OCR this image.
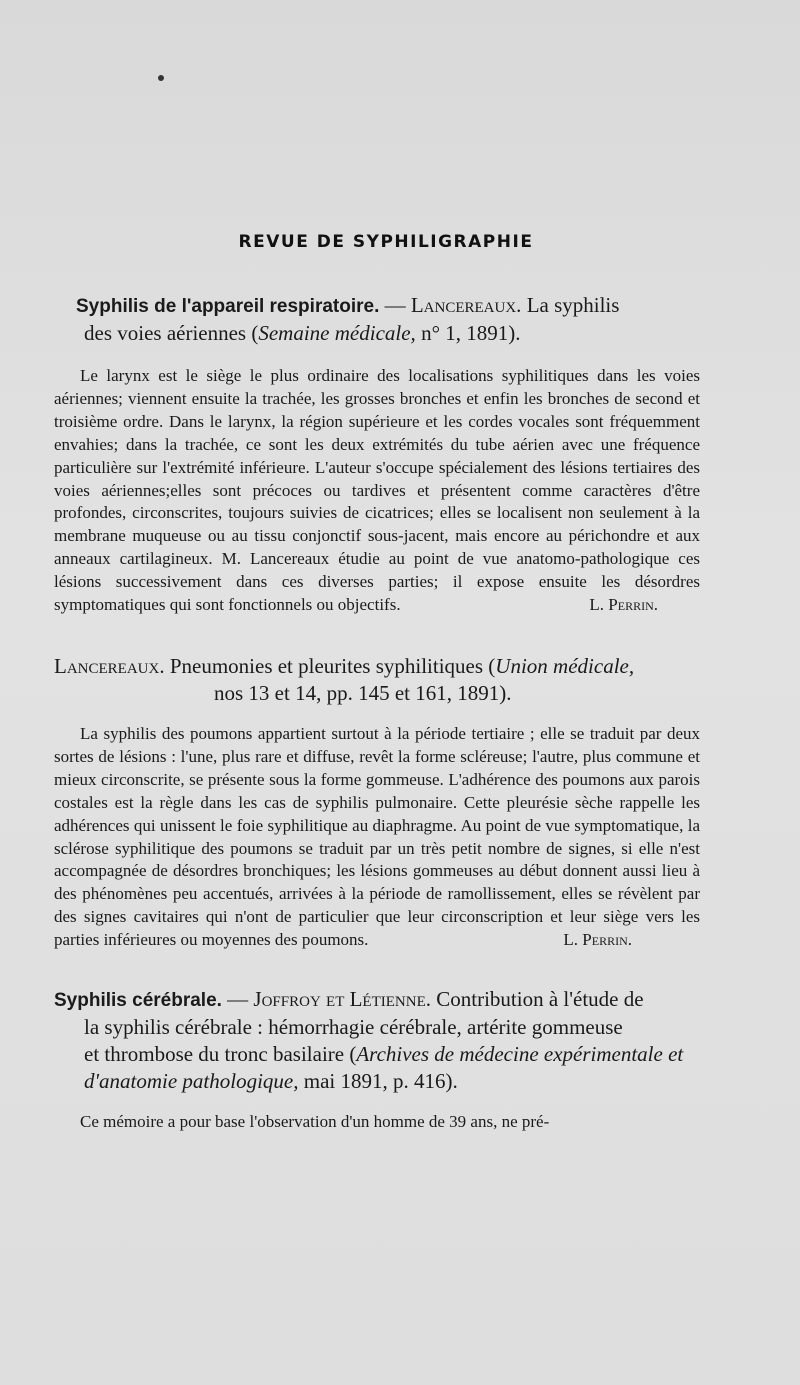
REVUE DE SYPHILIGRAPHIE

Syphilis de l'appareil respiratoire. — Lancereaux. La syphilis

des voies aériennes (Semaine médicale, n° 1, 1891).

Le larynx est le siège le plus ordinaire des localisations syphilitiques dans les voies aériennes; viennent ensuite la trachée, les grosses bronches et enfin les bronches de second et troisième ordre. Dans le larynx, la région supérieure et les cordes vocales sont fréquemment envahies; dans la trachée, ce sont les deux extrémités du tube aérien avec une fréquence particulière sur l'extrémité inférieure. L'auteur s'occupe spécialement des lésions tertiaires des voies aériennes;elles sont précoces ou tardives et présentent comme caractères d'être profondes, circonscrites, toujours suivies de cicatrices; elles se localisent non seulement à la membrane muqueuse ou au tissu conjonctif sous-jacent, mais encore au périchondre et aux anneaux cartilagineux. M. Lancereaux étudie au point de vue anatomo-pathologique ces lésions successivement dans ces diverses parties; il expose ensuite les désordres symptomatiques qui sont fonctionnels ou objectifs.	L. Perrin.

Lancereaux. Pneumonies et pleurites syphilitiques (Union médicale,

nos 13 et 14, pp. 145 et 161, 1891).

La syphilis des poumons appartient surtout à la période tertiaire ; elle se traduit par deux sortes de lésions : l'une, plus rare et diffuse, revêt la forme scléreuse; l'autre, plus commune et mieux circonscrite, se présente sous la forme gommeuse. L'adhérence des poumons aux parois costales est la règle dans les cas de syphilis pulmonaire. Cette pleurésie sèche rappelle les adhérences qui unissent le foie syphilitique au diaphragme. Au point de vue symptomatique, la sclérose syphilitique des poumons se traduit par un très petit nombre de signes, si elle n'est accompagnée de désordres bronchiques; les lésions gommeuses au début donnent aussi lieu à des phénomènes peu accentués, arrivées à la période de ramollissement, elles se révèlent par des signes cavitaires qui n'ont de particulier que leur circonscription et leur siège vers les parties inférieures ou moyennes des poumons.	L. Perrin.

Syphilis cérébrale. — Joffroy et Létienne. Contribution à l'étude de

la syphilis cérébrale : hémorrhagie cérébrale, artérite gommeuse

et thrombose du tronc basilaire (Archives de médecine expérimentale et d'anatomie pathologique, mai 1891, p. 416).

Ce mémoire a pour base l'observation d'un homme de 39 ans, ne pré-
